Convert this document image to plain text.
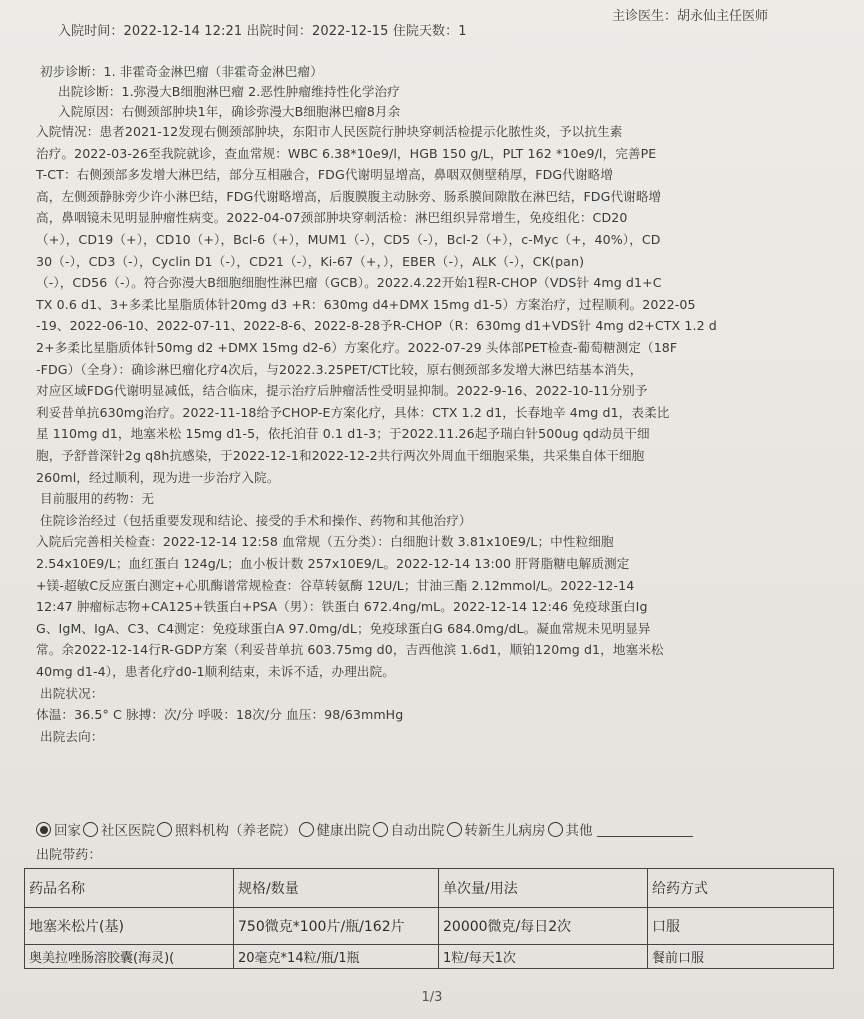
入院时间：2022-12-14 12:21 出院时间：2022-12-15 住院天数：1
主诊医生：胡永仙主任医师
初步诊断：1. 非霍奇金淋巴瘤（非霍奇金淋巴瘤）
出院诊断：1.弥漫大B细胞淋巴瘤 2.恶性肿瘤维持性化学治疗
入院原因：右侧颈部肿块1年，确诊弥漫大B细胞淋巴瘤8月余
入院情况：患者2021-12发现右侧颈部肿块，东阳市人民医院行肿块穿刺活检提示化脓性炎，予以抗生素
治疗。2022-03-26至我院就诊，查血常规：WBC 6.38*10e9/l，HGB 150 g/L，PLT 162 *10e9/l，完善PE
T-CT：右侧颈部多发增大淋巴结，部分互相融合，FDG代谢明显增高，鼻咽双侧壁稍厚，FDG代谢略增
高，左侧颈静脉旁少许小淋巴结，FDG代谢略增高，后腹膜腹主动脉旁、肠系膜间隙散在淋巴结，FDG代谢略增
高，鼻咽镜未见明显肿瘤性病变。2022-04-07颈部肿块穿刺活检：淋巴组织异常增生，免疫组化：CD20
（+），CD19（+），CD10（+），Bcl-6（+），MUM1（-），CD5（-），Bcl-2（+），c-Myc（+，40%），CD
30（-），CD3（-），Cyclin D1（-），CD21（-），Ki-67（+，），EBER（-），ALK（-），CK(pan)
（-），CD56（-）。符合弥漫大B细胞细胞性淋巴瘤（GCB）。2022.4.22开始1程R-CHOP（VDS针 4mg d1+C
TX 0.6 d1、3+多柔比星脂质体针20mg d3 +R：630mg d4+DMX 15mg d1-5）方案治疗，过程顺利。2022-05
-19、2022-06-10、2022-07-11、2022-8-6、2022-8-28予R-CHOP（R：630mg d1+VDS针 4mg d2+CTX 1.2 d
2+多柔比星脂质体针50mg d2 +DMX 15mg d2-6）方案化疗。2022-07-29 头体部PET检查-葡萄糖测定（18F
-FDG）（全身）：确诊淋巴瘤化疗4次后，与2022.3.25PET/CT比较，原右侧颈部多发增大淋巴结基本消失，
对应区域FDG代谢明显减低，结合临床，提示治疗后肿瘤活性受明显抑制。2022-9-16、2022-10-11分别予
利妥昔单抗630mg治疗。2022-11-18给予CHOP-E方案化疗，具体：CTX 1.2 d1，长春地辛 4mg d1，表柔比
星 110mg d1，地塞米松 15mg d1-5，依托泊苷 0.1 d1-3；于2022.11.26起予瑞白针500ug qd动员干细
胞，予舒普深针2g q8h抗感染，于2022-12-1和2022-12-2共行两次外周血干细胞采集，共采集自体干细胞
260ml，经过顺利，现为进一步治疗入院。
目前服用的药物：无
住院诊治经过（包括重要发现和结论、接受的手术和操作、药物和其他治疗）
入院后完善相关检查：2022-12-14 12:58 血常规（五分类）：白细胞计数 3.81x10E9/L；中性粒细胞
2.54x10E9/L；血红蛋白 124g/L；血小板计数 257x10E9/L。2022-12-14 13:00 肝肾脂糖电解质测定
+镁-超敏C反应蛋白测定+心肌酶谱常规检查：谷草转氨酶 12U/L；甘油三酯 2.12mmol/L。2022-12-14
12:47 肿瘤标志物+CA125+铁蛋白+PSA（男）：铁蛋白 672.4ng/mL。2022-12-14 12:46 免疫球蛋白Ig
G、IgM、IgA、C3、C4测定：免疫球蛋白A 97.0mg/dL；免疫球蛋白G 684.0mg/dL。凝血常规未见明显异
常。余2022-12-14行R-GDP方案（利妥昔单抗 603.75mg d0，吉西他滨 1.6d1，顺铂120mg d1，地塞米松
40mg d1-4），患者化疗d0-1顺利结束，未诉不适，办理出院。
出院状况：
体温：36.5° C 脉搏：次/分 呼吸：18次/分 血压：98/63mmHg
出院去向：
回家 社区医院 照料机构（养老院） 健康出院 自动出院 转新生儿病房 其他
出院带药：
药品名称	规格/数量	单次量/用法	给药方式
地塞米松片(基)	750微克*100片/瓶/162片	20000微克/每日2次	口服
奥美拉唑肠溶胶囊(海灵)(	20毫克*14粒/瓶/1瓶	1粒/每天1次	餐前口服
1/3
